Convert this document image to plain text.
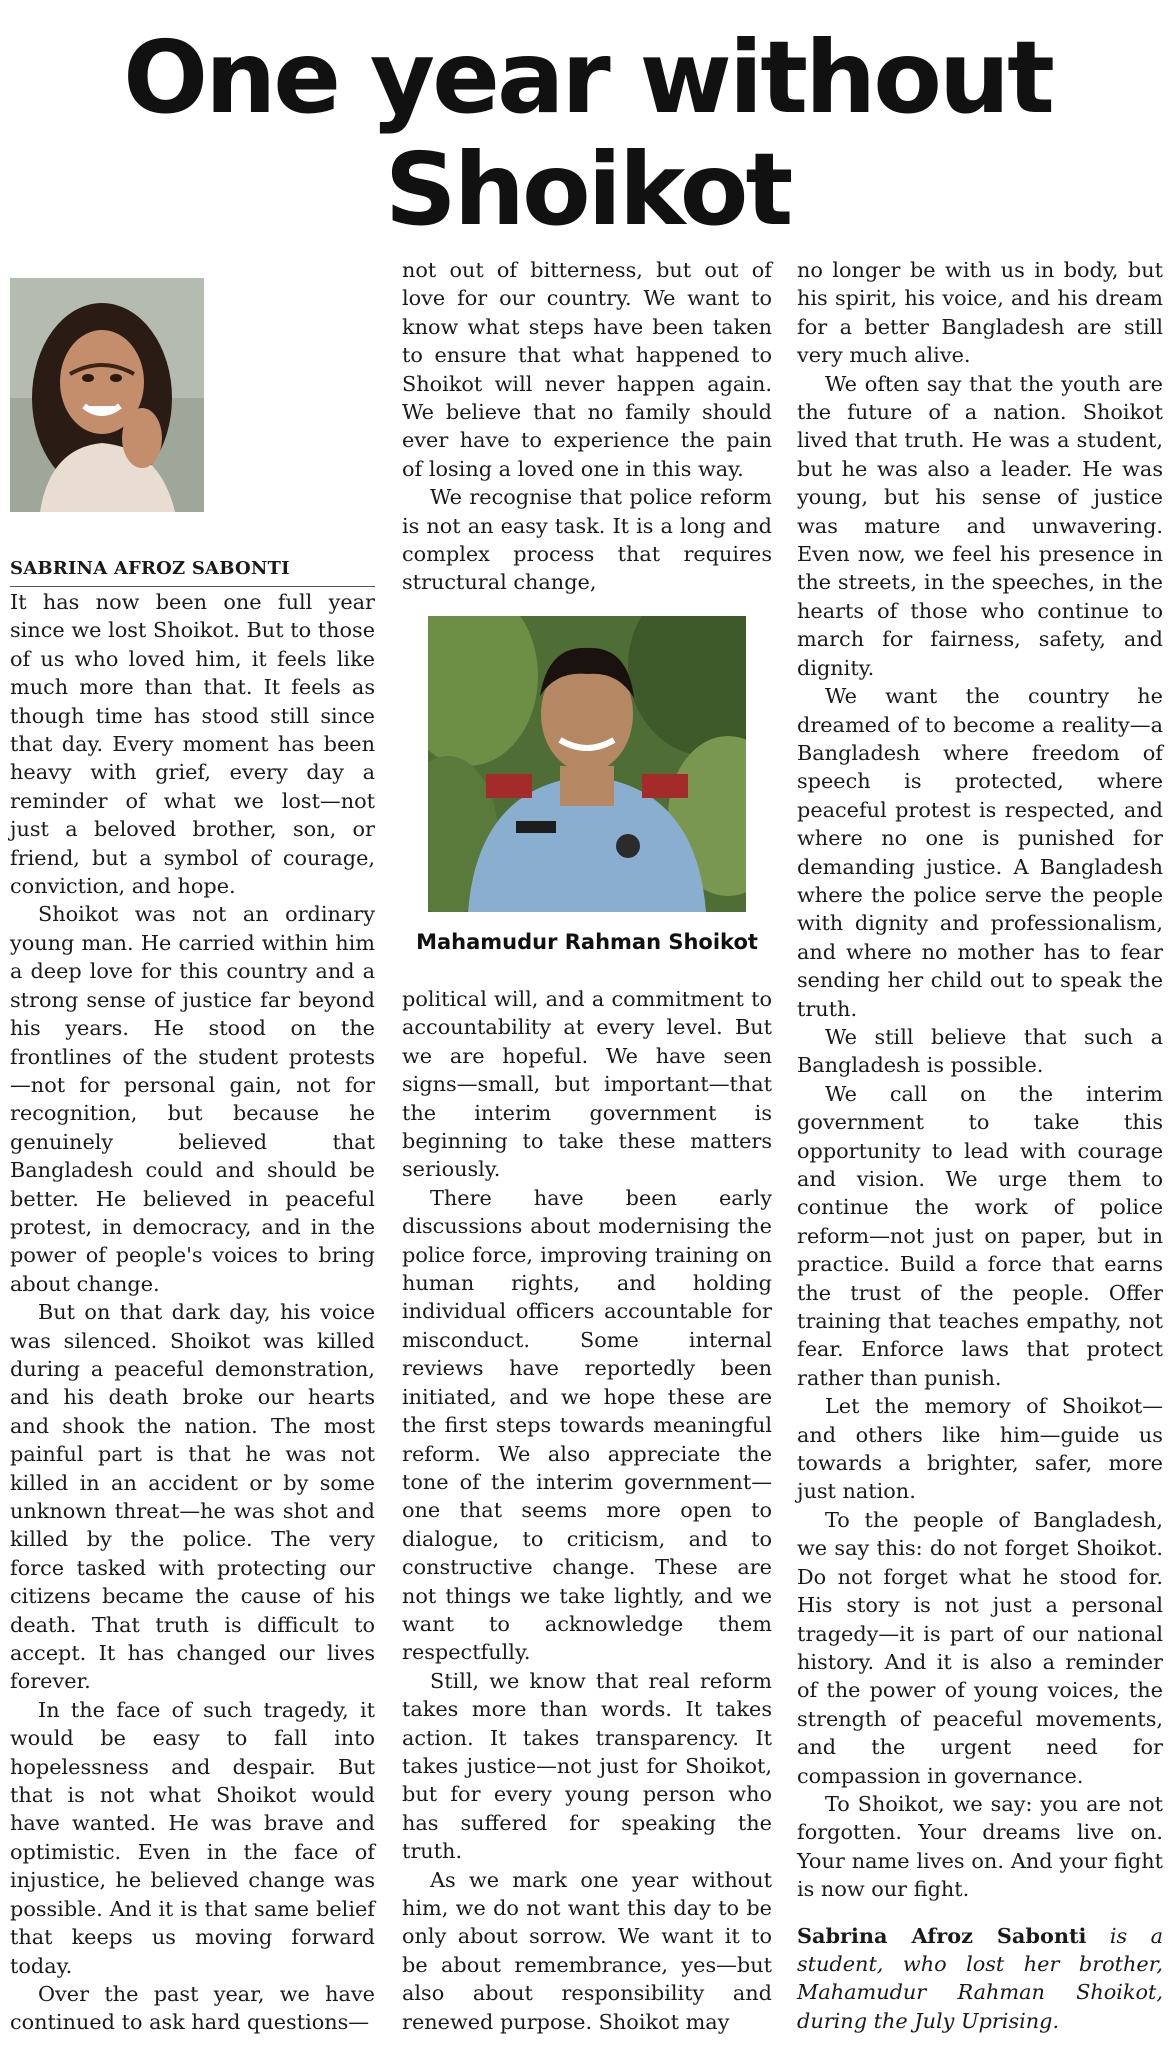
One year without
Shoikot
SABRINA AFROZ SABONTI

It has now been one full year since we lost Shoikot. But to those of us who loved him, it feels like much more than that. It feels as though time has stood still since that day. Every moment has been heavy with grief, every day a reminder of what we lost—not just a beloved brother, son, or friend, but a symbol of courage, conviction, and hope.

Shoikot was not an ordinary young man. He carried within him a deep love for this country and a strong sense of justice far beyond his years. He stood on the frontlines of the student protests—not for personal gain, not for recognition, but because he genuinely believed that Bangladesh could and should be better. He believed in peaceful protest, in democracy, and in the power of people's voices to bring about change.

But on that dark day, his voice was silenced. Shoikot was killed during a peaceful demonstration, and his death broke our hearts and shook the nation. The most painful part is that he was not killed in an accident or by some unknown threat—he was shot and killed by the police. The very force tasked with protecting our citizens became the cause of his death. That truth is difficult to accept. It has changed our lives forever.

In the face of such tragedy, it would be easy to fall into hopelessness and despair. But that is not what Shoikot would have wanted. He was brave and optimistic. Even in the face of injustice, he believed change was possible. And it is that same belief that keeps us moving forward today.

Over the past year, we have continued to ask hard questions—

not out of bitterness, but out of love for our country. We want to know what steps have been taken to ensure that what happened to Shoikot will never happen again. We believe that no family should ever have to experience the pain of losing a loved one in this way.

We recognise that police reform is not an easy task. It is a long and complex process that requires structural change,

Mahamudur Rahman Shoikot

political will, and a commitment to accountability at every level. But we are hopeful. We have seen signs—small, but important—that the interim government is beginning to take these matters seriously.

There have been early discussions about modernising the police force, improving training on human rights, and holding individual officers accountable for misconduct. Some internal reviews have reportedly been initiated, and we hope these are the first steps towards meaningful reform. We also appreciate the tone of the interim government—one that seems more open to dialogue, to criticism, and to constructive change. These are not things we take lightly, and we want to acknowledge them respectfully.

Still, we know that real reform takes more than words. It takes action. It takes transparency. It takes justice—not just for Shoikot, but for every young person who has suffered for speaking the truth.

As we mark one year without him, we do not want this day to be only about sorrow. We want it to be about remembrance, yes—but also about responsibility and renewed purpose. Shoikot may

no longer be with us in body, but his spirit, his voice, and his dream for a better Bangladesh are still very much alive.

We often say that the youth are the future of a nation. Shoikot lived that truth. He was a student, but he was also a leader. He was young, but his sense of justice was mature and unwavering. Even now, we feel his presence in the streets, in the speeches, in the hearts of those who continue to march for fairness, safety, and dignity.

We want the country he dreamed of to become a reality—a Bangladesh where freedom of speech is protected, where peaceful protest is respected, and where no one is punished for demanding justice. A Bangladesh where the police serve the people with dignity and professionalism, and where no mother has to fear sending her child out to speak the truth.

We still believe that such a Bangladesh is possible.

We call on the interim government to take this opportunity to lead with courage and vision. We urge them to continue the work of police reform—not just on paper, but in practice. Build a force that earns the trust of the people. Offer training that teaches empathy, not fear. Enforce laws that protect rather than punish.

Let the memory of Shoikot—and others like him—guide us towards a brighter, safer, more just nation.

To the people of Bangladesh, we say this: do not forget Shoikot. Do not forget what he stood for. His story is not just a personal tragedy—it is part of our national history. And it is also a reminder of the power of young voices, the strength of peaceful movements, and the urgent need for compassion in governance.

To Shoikot, we say: you are not forgotten. Your dreams live on. Your name lives on. And your fight is now our fight.

Sabrina Afroz Sabonti is a student, who lost her brother, Mahamudur Rahman Shoikot, during the July Uprising.
